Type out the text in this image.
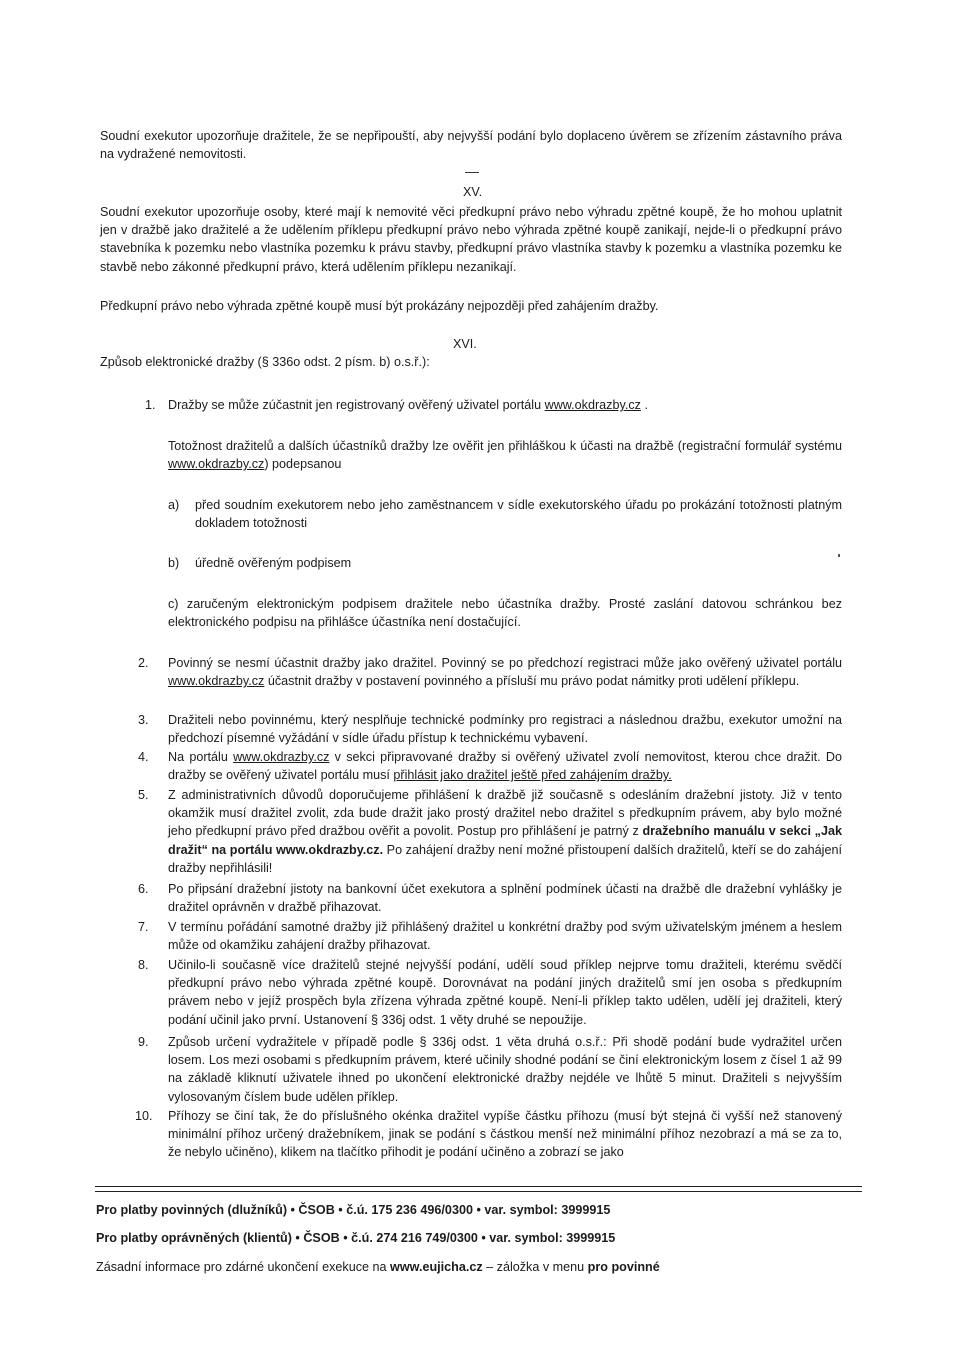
Soudní exekutor upozorňuje dražitele, že se nepřipouští, aby nejvyšší podání bylo doplaceno úvěrem se zřízením zástavního práva na vydražené nemovitosti.

XV.

Soudní exekutor upozorňuje osoby, které mají k nemovité věci předkupní právo nebo výhradu zpětné koupě, že ho mohou uplatnit jen v dražbě jako dražitelé a že udělením příklepu předkupní právo nebo výhrada zpětné koupě zanikají, nejde-li o předkupní právo stavebníka k pozemku nebo vlastníka pozemku k právu stavby, předkupní právo vlastníka stavby k pozemku a vlastníka pozemku ke stavbě nebo zákonné předkupní právo, která udělením příklepu nezanikají.

Předkupní právo nebo výhrada zpětné koupě musí být prokázány nejpozději před zahájením dražby.

XVI.

Způsob elektronické dražby (§ 336o odst. 2 písm. b) o.s.ř.):

1. Dražby se může zúčastnit jen registrovaný ověřený uživatel portálu www.okdrazby.cz .

Totožnost dražitelů a dalších účastníků dražby lze ověřit jen přihláškou k účasti na dražbě (registrační formulář systému www.okdrazby.cz) podepsanou

a)	před soudním exekutorem nebo jeho zaměstnancem v sídle exekutorského úřadu po prokázání totožnosti platným dokladem totožnosti

b)	úředně ověřeným podpisem

c) zaručeným elektronickým podpisem dražitele nebo účastníka dražby. Prosté zaslání datovou schránkou bez elektronického podpisu na přihlášce účastníka není dostačující.

2.	Povinný se nesmí účastnit dražby jako dražitel. Povinný se po předchozí registraci může jako ověřený uživatel portálu www.okdrazby.cz účastnit dražby v postavení povinného a přísluší mu právo podat námitky proti udělení příklepu.

3.	Dražiteli nebo povinnému, který nesplňuje technické podmínky pro registraci a následnou dražbu, exekutor umožní na předchozí písemné vyžádání v sídle úřadu přístup k technickému vybavení.

4.	Na portálu www.okdrazby.cz v sekci připravované dražby si ověřený uživatel zvolí nemovitost, kterou chce dražit. Do dražby se ověřený uživatel portálu musí přihlásit jako dražitel ještě před zahájením dražby.

5.	Z administrativních důvodů doporučujeme přihlášení k dražbě již současně s odesláním dražební jistoty. Již v tento okamžik musí dražitel zvolit, zda bude dražit jako prostý dražitel nebo dražitel s předkupním právem, aby bylo možné jeho předkupní právo před dražbou ověřit a povolit. Postup pro přihlášení je patrný z dražebního manuálu v sekci „Jak dražit“ na portálu www.okdrazby.cz. Po zahájení dražby není možné přistoupení dalších dražitelů, kteří se do zahájení dražby nepřihlásili!

6.	Po připsání dražební jistoty na bankovní účet exekutora a splnění podmínek účasti na dražbě dle dražební vyhlášky je dražitel oprávněn v dražbě přihazovat.

7.	V termínu pořádání samotné dražby již přihlášený dražitel u konkrétní dražby pod svým uživatelským jménem a heslem může od okamžiku zahájení dražby přihazovat.

8.	Učinilo-li současně více dražitelů stejné nejvyšší podání, udělí soud příklep nejprve tomu dražiteli, kterému svědčí předkupní právo nebo výhrada zpětné koupě. Dorovnávat na podání jiných dražitelů smí jen osoba s předkupním právem nebo v jejíž prospěch byla zřízena výhrada zpětné koupě. Není-li příklep takto udělen, udělí jej dražiteli, který podání učinil jako první. Ustanovení § 336j odst. 1 věty druhé se nepoužije.

9.	Způsob určení vydražitele v případě podle § 336j odst. 1 věta druhá o.s.ř.: Při shodě podání bude vydražitel určen losem. Los mezi osobami s předkupním právem, které učinily shodné podání se činí elektronickým losem z čísel 1 až 99 na základě kliknutí uživatele ihned po ukončení elektronické dražby nejdéle ve lhůtě 5 minut. Dražiteli s nejvyšším vylosovaným číslem bude udělen příklep.

10. Příhozy se činí tak, že do příslušného okénka dražitel vypíše částku příhozu (musí být stejná či vyšší než stanovený minimální příhoz určený dražebníkem, jinak se podání s částkou menší než minimální příhoz nezobrazí a má se za to, že nebylo učiněno), klikem na tlačítko přihodit je podání učiněno a zobrazí se jako

Pro platby povinných (dlužníků) • ČSOB • č.ú. 175 236 496/0300 • var. symbol: 3999915
Pro platby oprávněných (klientů) • ČSOB • č.ú. 274 216 749/0300 • var. symbol: 3999915
Zásadní informace pro zdárné ukončení exekuce na www.eujicha.cz – záložka v menu pro povinné
